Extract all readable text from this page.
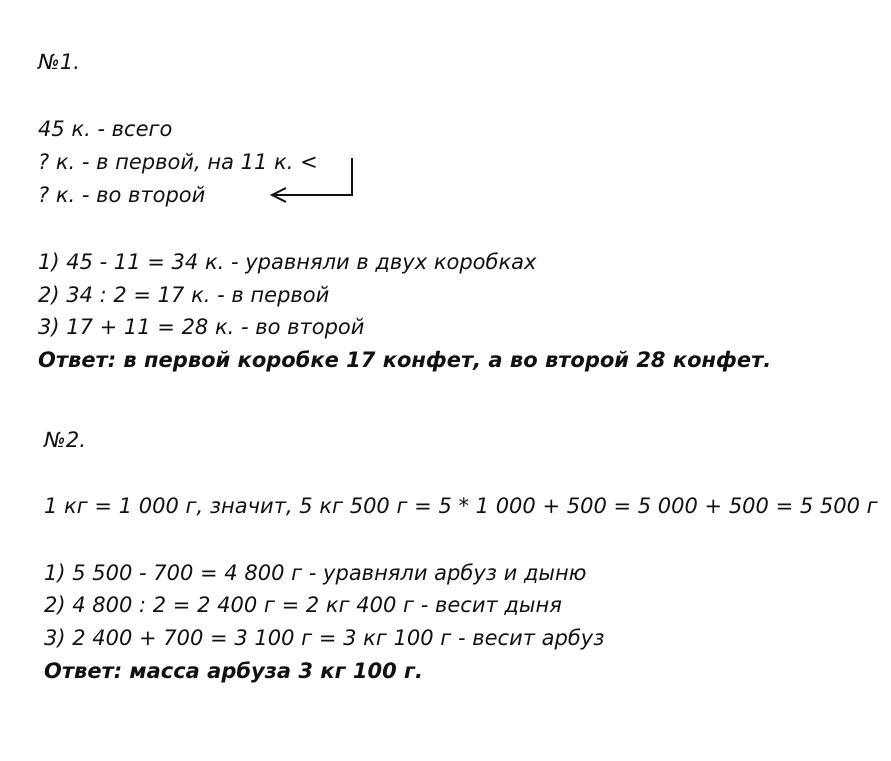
№1.
45 к. - всего
? к. - в первой, на 11 к. <
? к. - во второй
1) 45 - 11 = 34 к. - уравняли в двух коробках
2) 34 : 2 = 17 к. - в первой
3) 17 + 11 = 28 к. - во второй
Ответ: в первой коробке 17 конфет, а во второй 28 конфет.
№2.
1 кг = 1 000 г, значит, 5 кг 500 г = 5 * 1 000 + 500 = 5 000 + 500 = 5 500 г
1) 5 500 - 700 = 4 800 г - уравняли арбуз и дыню
2) 4 800 : 2 = 2 400 г = 2 кг 400 г - весит дыня
3) 2 400 + 700 = 3 100 г = 3 кг 100 г - весит арбуз
Ответ: масса арбуза 3 кг 100 г.
